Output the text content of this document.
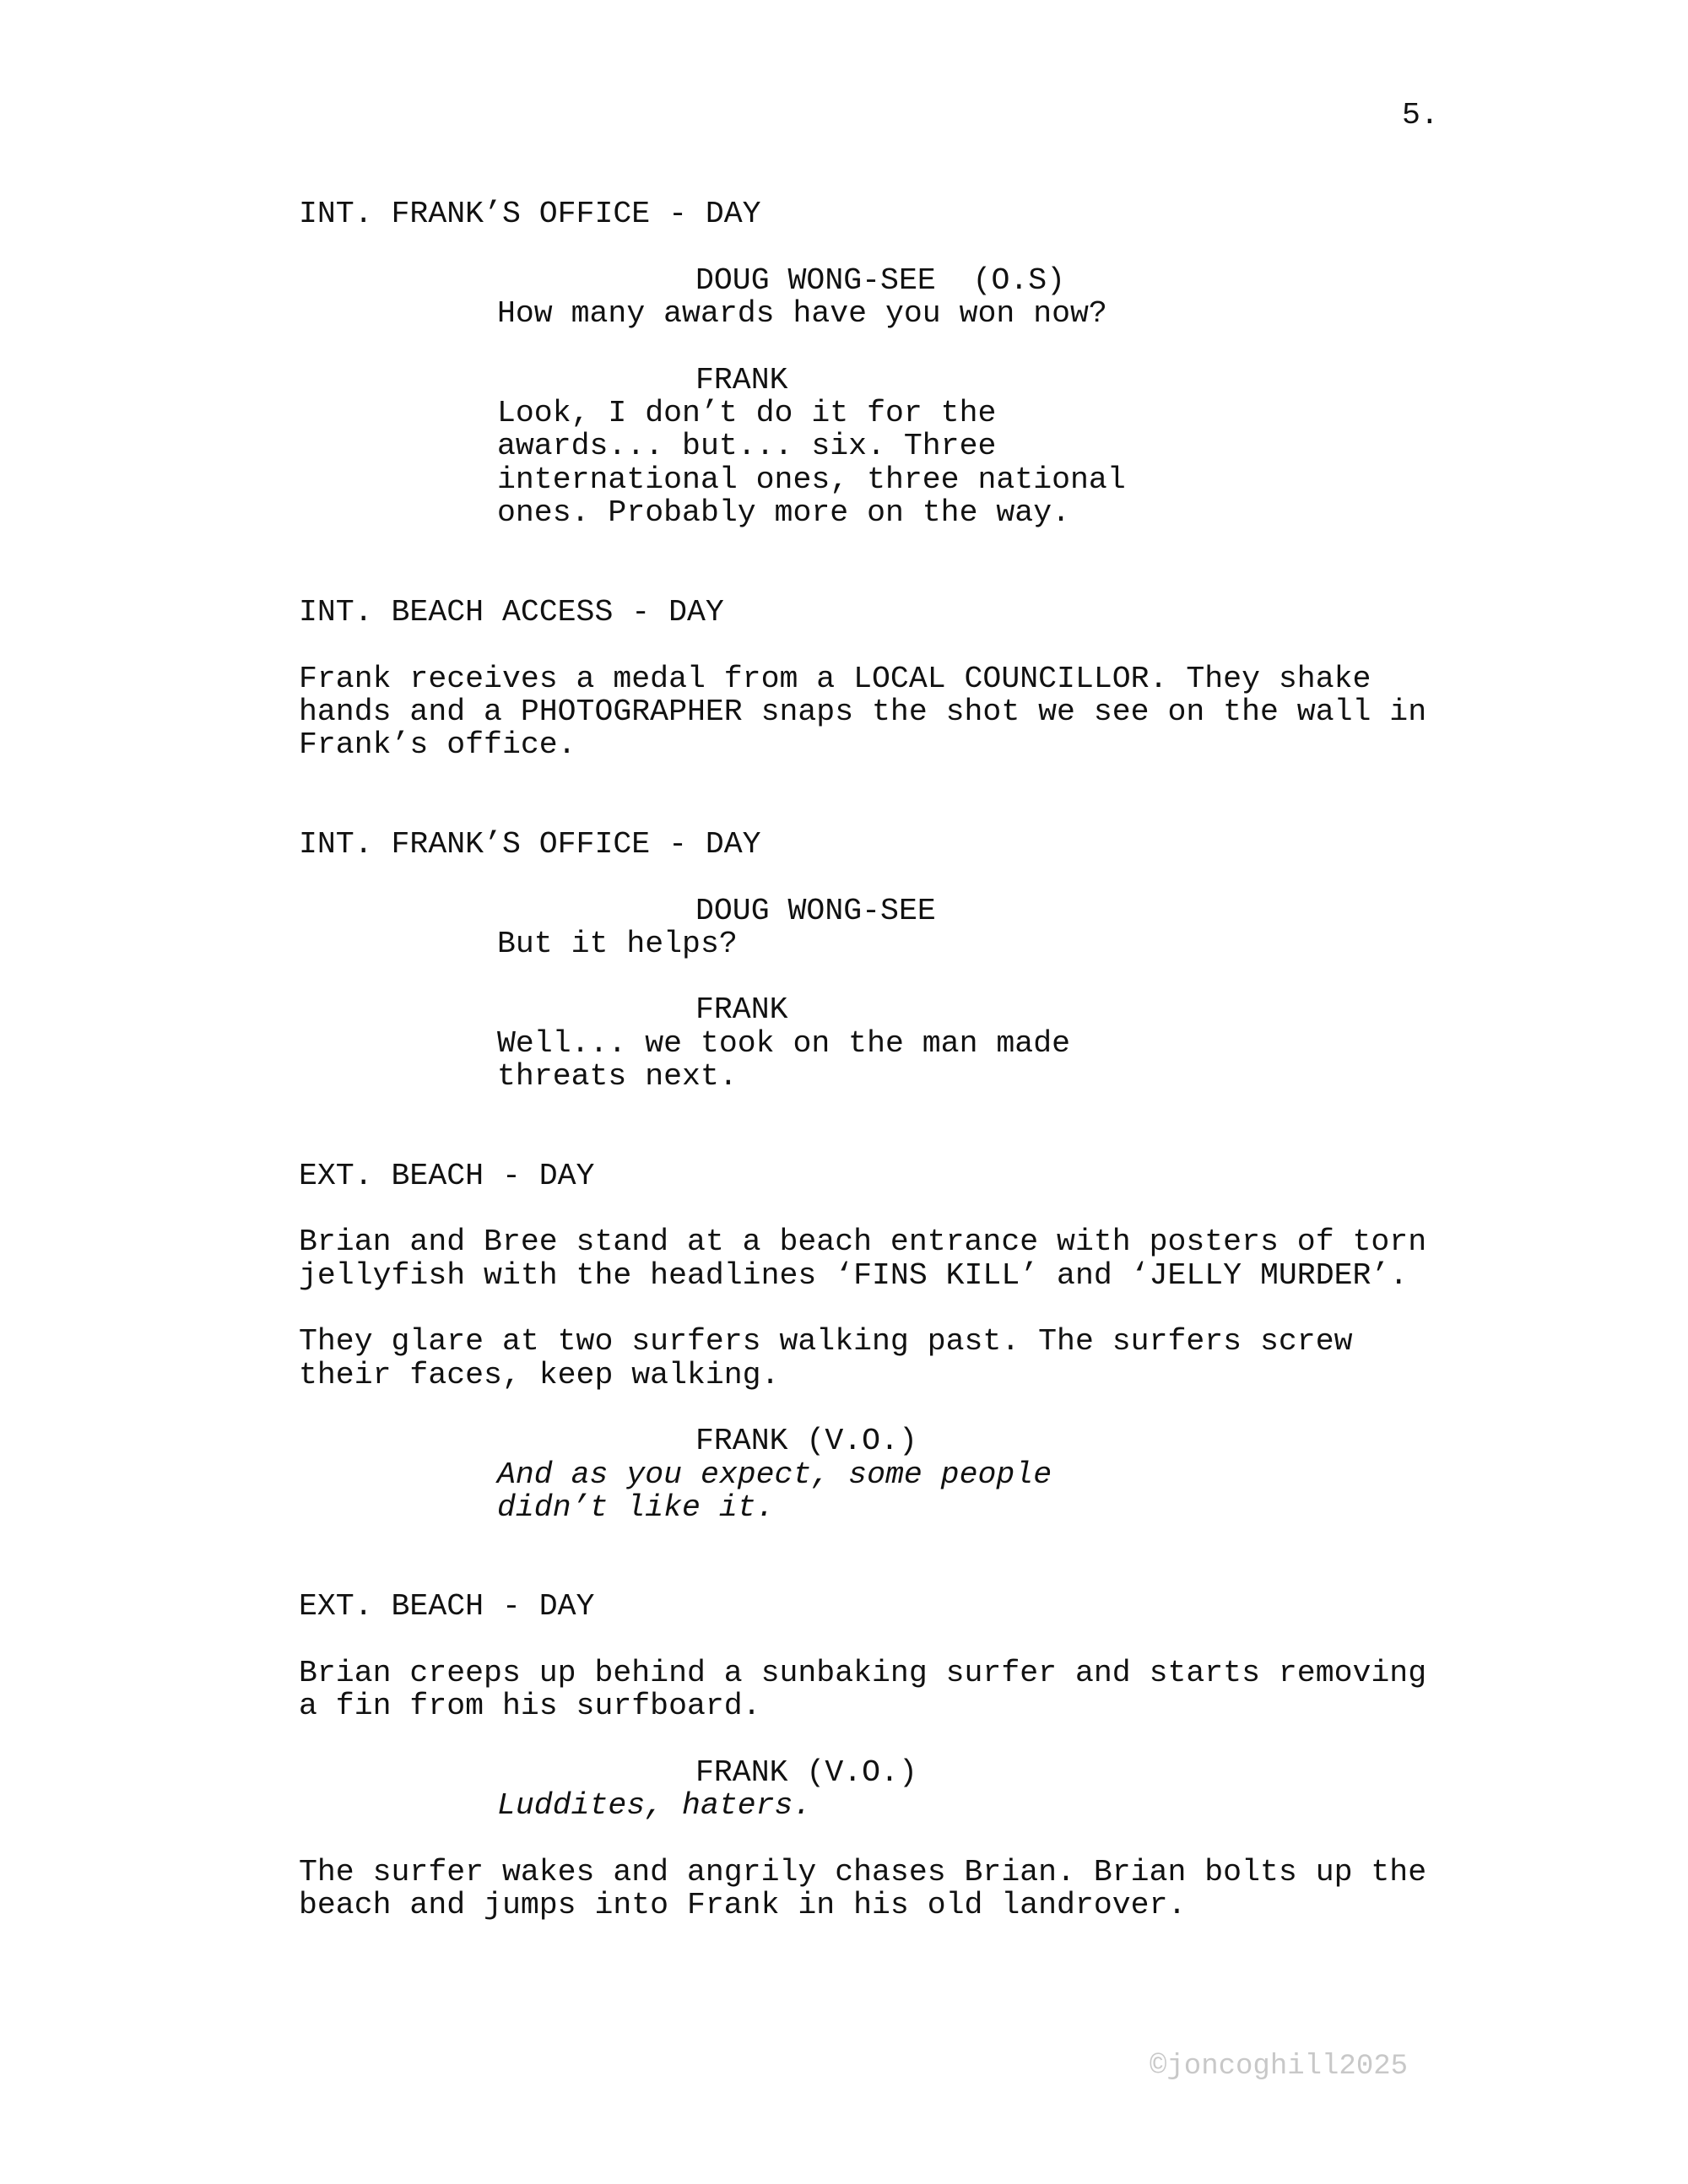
5.
INT. FRANK’S OFFICE - DAY
DOUG WONG-SEE  (O.S)
How many awards have you won now?
FRANK
Look, I don’t do it for the
awards... but... six. Three
international ones, three national
ones. Probably more on the way.
INT. BEACH ACCESS - DAY
Frank receives a medal from a LOCAL COUNCILLOR. They shake
hands and a PHOTOGRAPHER snaps the shot we see on the wall in
Frank’s office.
INT. FRANK’S OFFICE - DAY
DOUG WONG-SEE
But it helps?
FRANK
Well... we took on the man made
threats next.
EXT. BEACH - DAY
Brian and Bree stand at a beach entrance with posters of torn
jellyfish with the headlines ‘FINS KILL’ and ‘JELLY MURDER’.
They glare at two surfers walking past. The surfers screw
their faces, keep walking.
FRANK (V.O.)
And as you expect, some people
didn’t like it.
EXT. BEACH - DAY
Brian creeps up behind a sunbaking surfer and starts removing
a fin from his surfboard.
FRANK (V.O.)
Luddites, haters.
The surfer wakes and angrily chases Brian. Brian bolts up the
beach and jumps into Frank in his old landrover.
©joncoghill2025
